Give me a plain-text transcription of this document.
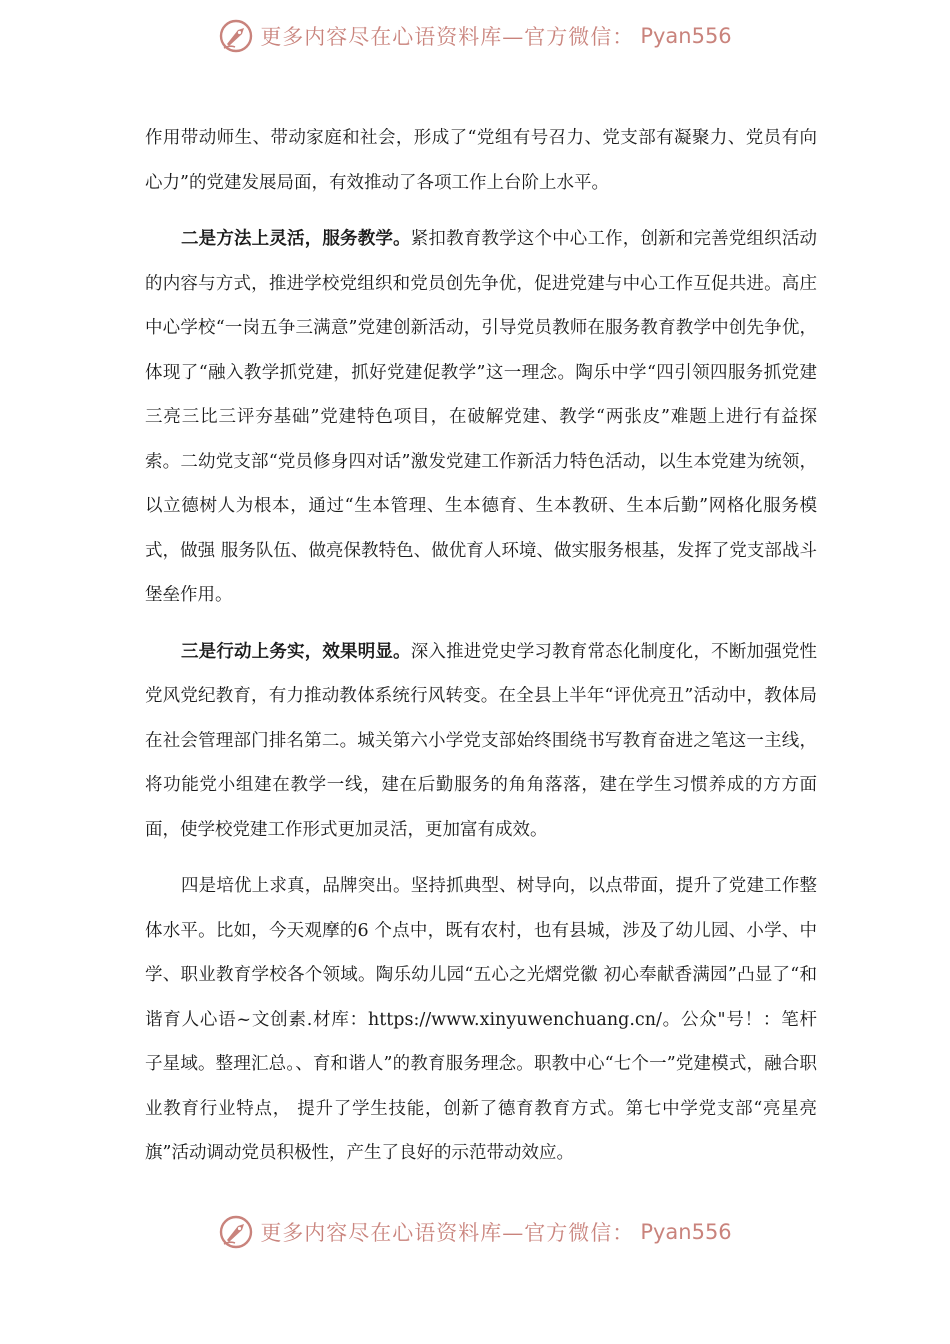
更多内容尽在心语资料库—官方微信： Pyan556

作用带动师生、带动家庭和社会，形成了“党组有号召力、党支部有凝聚力、党员有向心力”的党建发展局面，有效推动了各项工作上台阶上水平。

二是方法上灵活，服务教学。紧扣教育教学这个中心工作，创新和完善党组织活动的内容与方式，推进学校党组织和党员创先争优，促进党建与中心工作互促共进。高庄中心学校“一岗五争三满意”党建创新活动，引导党员教师在服务教育教学中创先争优，体现了“融入教学抓党建，抓好党建促教学”这一理念。陶乐中学“四引领四服务抓党建 三亮三比三评夯基础”党建特色项目，在破解党建、教学“两张皮”难题上进行有益探索。二幼党支部“党员修身四对话”激发党建工作新活力特色活动，以生本党建为统领，以立德树人为根本，通过“生本管理、生本德育、生本教研、生本后勤”网格化服务模式，做强 服务队伍、做亮保教特色、做优育人环境、做实服务根基，发挥了党支部战斗堡垒作用。

三是行动上务实，效果明显。深入推进党史学习教育常态化制度化，不断加强党性党风党纪教育，有力推动教体系统行风转变。在全县上半年“评优亮丑”活动中，教体局在社会管理部门排名第二。城关第六小学党支部始终围绕书写教育奋进之笔这一主线，将功能党小组建在教学一线，建在后勤服务的角角落落，建在学生习惯养成的方方面面，使学校党建工作形式更加灵活，更加富有成效。

四是培优上求真，品牌突出。坚持抓典型、树导向，以点带面，提升了党建工作整体水平。比如，今天观摩的6 个点中，既有农村，也有县城，涉及了幼儿园、小学、中学、职业教育学校各个领域。陶乐幼儿园“五心之光熠党徽 初心奉献香满园”凸显了“和谐育人心语~文创素.材库：https://www.xinyuwenchuang.cn/。公众"号！：笔杆子星域。整理汇总。、育和谐人”的教育服务理念。职教中心“七个一”党建模式，融合职业教育行业特点， 提升了学生技能，创新了德育教育方式。第七中学党支部“亮星亮旗”活动调动党员积极性，产生了良好的示范带动效应。

更多内容尽在心语资料库—官方微信： Pyan556
